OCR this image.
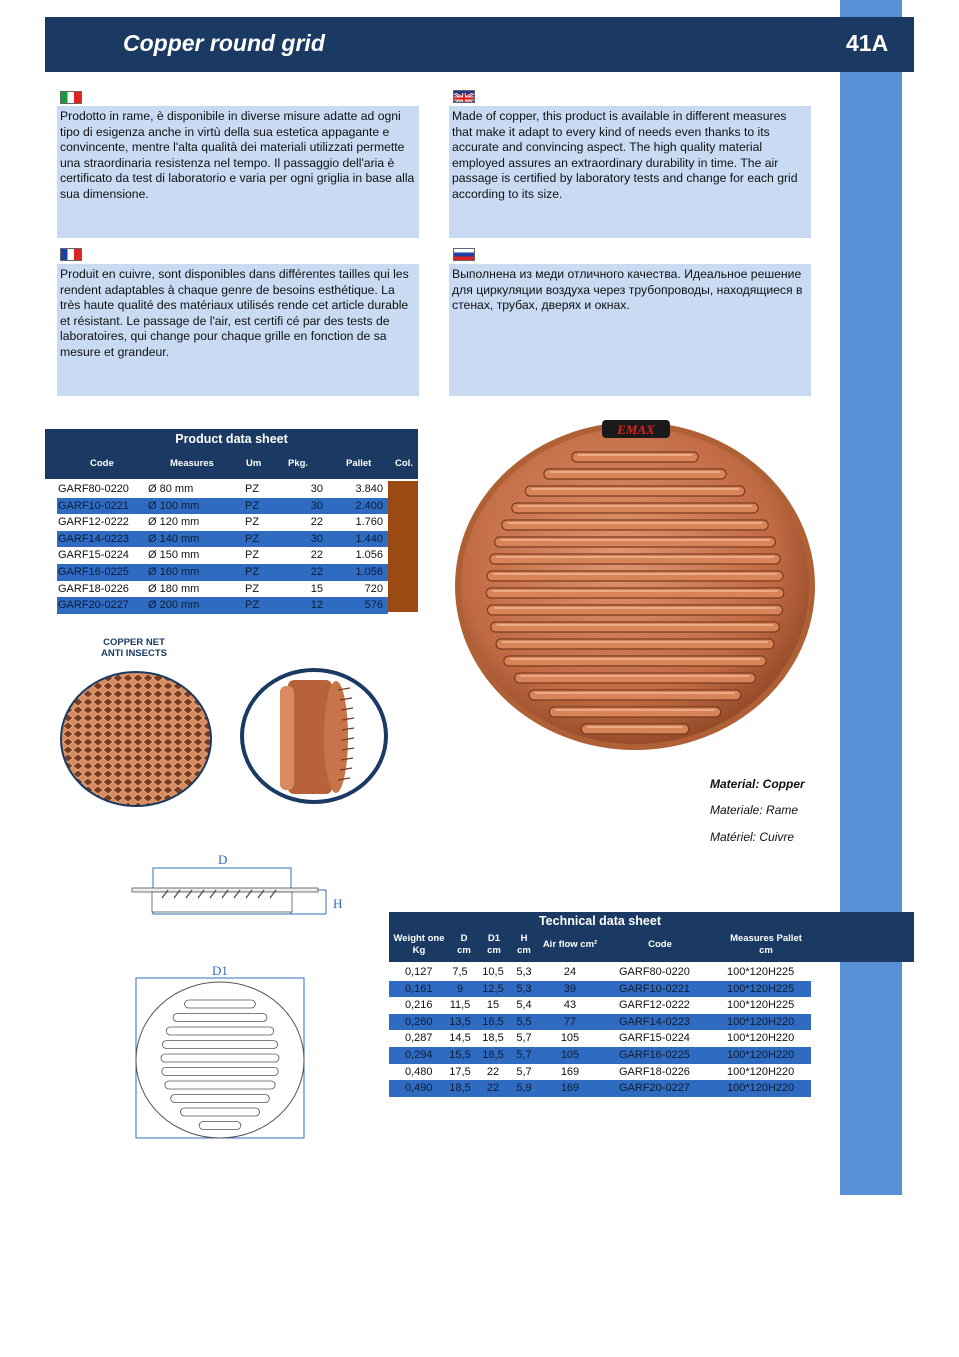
Copper round grid	41A
Prodotto in rame, è disponibile in diverse misure adatte ad ogni tipo di esigenza anche in virtù della sua estetica appagante e convincente, mentre l'alta qualità dei materiali utilizzati permette una straordinaria resistenza nel tempo. Il passaggio dell'aria è certificato da test di laboratorio e varia per ogni griglia in base alla sua dimensione.
Made of copper, this product is available in different measures that make it adapt to every kind of needs even thanks to its accurate and convincing aspect. The high quality material employed assures an extraordinary durability in time. The air passage is certified by laboratory tests and change for each grid according to its size.
Produit en cuivre, sont disponibles dans différentes tailles qui les rendent adaptables à chaque genre de besoins esthétique. La très haute qualité des matériaux utilisés rende cet article durable et résistant. Le passage de l'air, est certifi cé par des tests de laboratoires, qui change pour chaque grille en fonction de sa mesure et grandeur.
Выполнена из меди отличного качества. Идеальное решение для циркуляции воздуха через трубопроводы, находящиеся в стенах, трубах, дверях и окнах.
Product data sheet
Code	Measures	Um	Pkg.	Pallet Col.
GARF80-0220 Ø 80 mm	PZ	30	3.840
GARF10-0221 Ø 100 mm	PZ	30	2.400
GARF12-0222 Ø 120 mm	PZ	22	1.760
GARF14-0223 Ø 140 mm	PZ	30	1.440
GARF15-0224 Ø 150 mm	PZ	22	1.056
GARF16-0225 Ø 160 mm	PZ	22	1.056
GARF18-0226 Ø 180 mm	PZ	15	720
GARF20-0227 Ø 200 mm	PZ	12	576
COPPER NET
ANTI INSECTS
EMAX
Material: Copper
Materiale: Rame
Matériel: Cuivre
D
H
D1
Technical data sheet
Weight one
Kg
D
cm
D1
cm
H
cm
Air flow cm²	Code
Measures Pallet
cm
0,127	7,5	10,5	5,3	24	GARF80-0220	100*120H225
0,161	9	12,5	5,3	39	GARF10-0221	100*120H225
0,216	11,5	15	5,4	43	GARF12-0222	100*120H225
0,260	13,5	16,5	5,5	77	GARF14-0223	100*120H220
0,287	14,5	18,5	5,7	105	GARF15-0224	100*120H220
0,294	15,5	18,5	5,7	105	GARF16-0225	100*120H220
0,480	17,5	22	5,7	169	GARF18-0226	100*120H220
0,490	18,5	22	5,9	169	GARF20-0227	100*120H220
